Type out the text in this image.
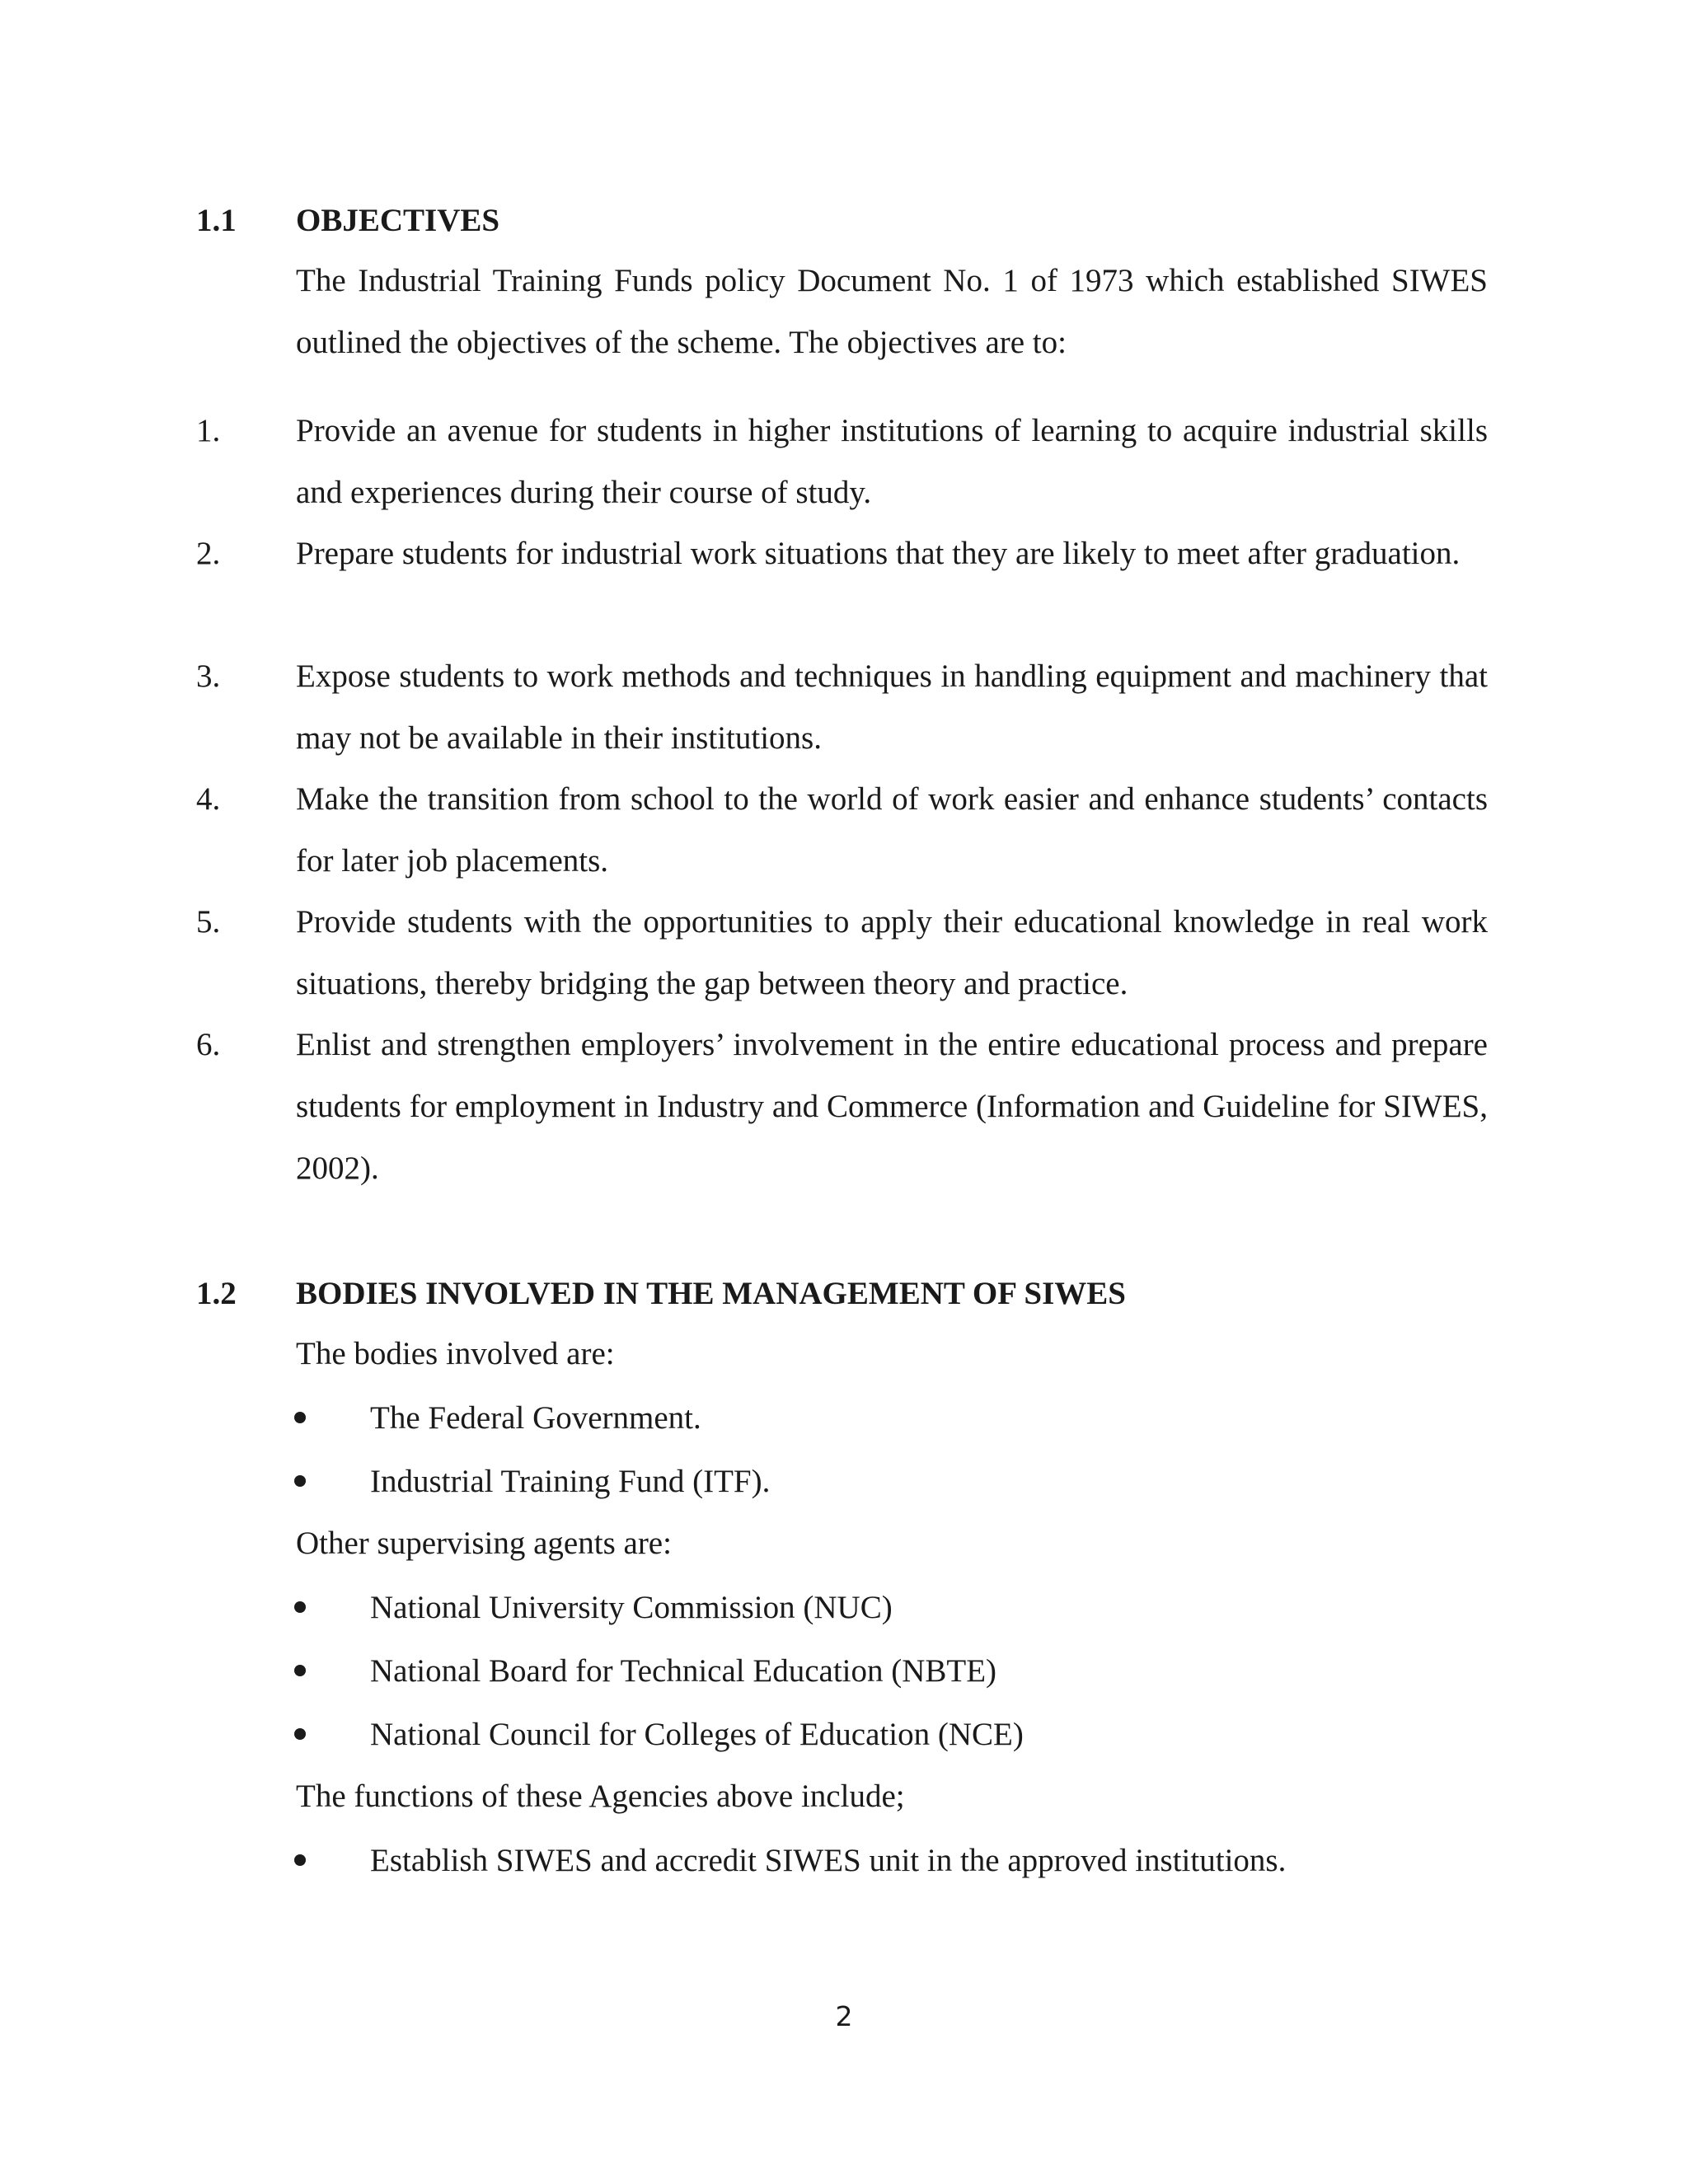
1.1 OBJECTIVES

The Industrial Training Funds policy Document No. 1 of 1973 which established SIWES outlined the objectives of the scheme. The objectives are to:

1. Provide an avenue for students in higher institutions of learning to acquire industrial skills and experiences during their course of study.
2. Prepare students for industrial work situations that they are likely to meet after graduation.
3. Expose students to work methods and techniques in handling equipment and machinery that may not be available in their institutions.
4. Make the transition from school to the world of work easier and enhance students’ contacts for later job placements.
5. Provide students with the opportunities to apply their educational knowledge in real work situations, thereby bridging the gap between theory and practice.
6. Enlist and strengthen employers’ involvement in the entire educational process and prepare students for employment in Industry and Commerce (Information and Guideline for SIWES, 2002).
1.2 BODIES INVOLVED IN THE MANAGEMENT OF SIWES
The bodies involved are:
The Federal Government.
Industrial Training Fund (ITF).
Other supervising agents are:
National University Commission (NUC)
National Board for Technical Education (NBTE)
National Council for Colleges of Education (NCE)
The functions of these Agencies above include;
Establish SIWES and accredit SIWES unit in the approved institutions.
2
